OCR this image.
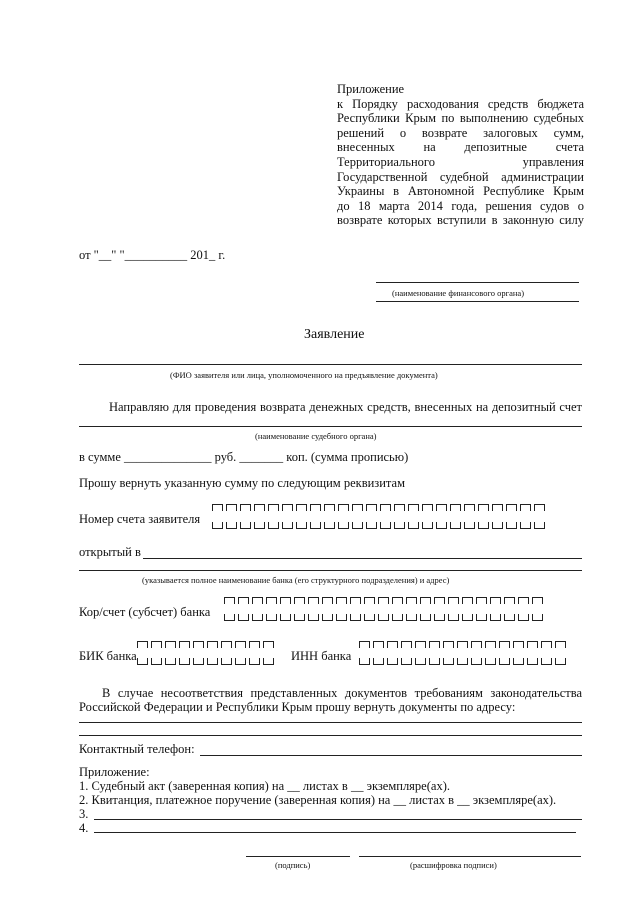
Приложение
к Порядку расходования средств бюджета
Республики Крым по выполнению судебных
решений о возврате залоговых сумм,
внесенных на депозитные счета
Территориального управления
Государственной судебной администрации
Украины в Автономной Республике Крым
до 18 марта 2014 года, решения судов о
возврате которых вступили в законную силу
от "__" "__________ 201_ г.
(наименование финансового органа)
Заявление
(ФИО заявителя или лица, уполномоченного на предъявление документа)
Направляю для проведения возврата денежных средств, внесенных на депозитный счет
(наименование судебного органа)
в сумме ______________ руб. _______ коп. (сумма прописью)
Прошу вернуть указанную сумму по следующим реквизитам
Номер счета заявителя
открытый в
(указывается полное наименование банка (его структурного подразделения) и адрес)
Кор/счет (субсчет) банка
БИК банка	ИНН банка
В случае несоответствия представленных документов требованиям законодательства
Российской Федерации и Республики Крым прошу вернуть документы по адресу:
Контактный телефон:
Приложение:
1. Судебный акт (заверенная копия) на __ листах в __ экземплярe(ах).
2. Квитанция, платежное поручение (заверенная копия) на __ листах в __ экземпляре(ах).
3.
4.
(подпись)	(расшифровка подписи)
